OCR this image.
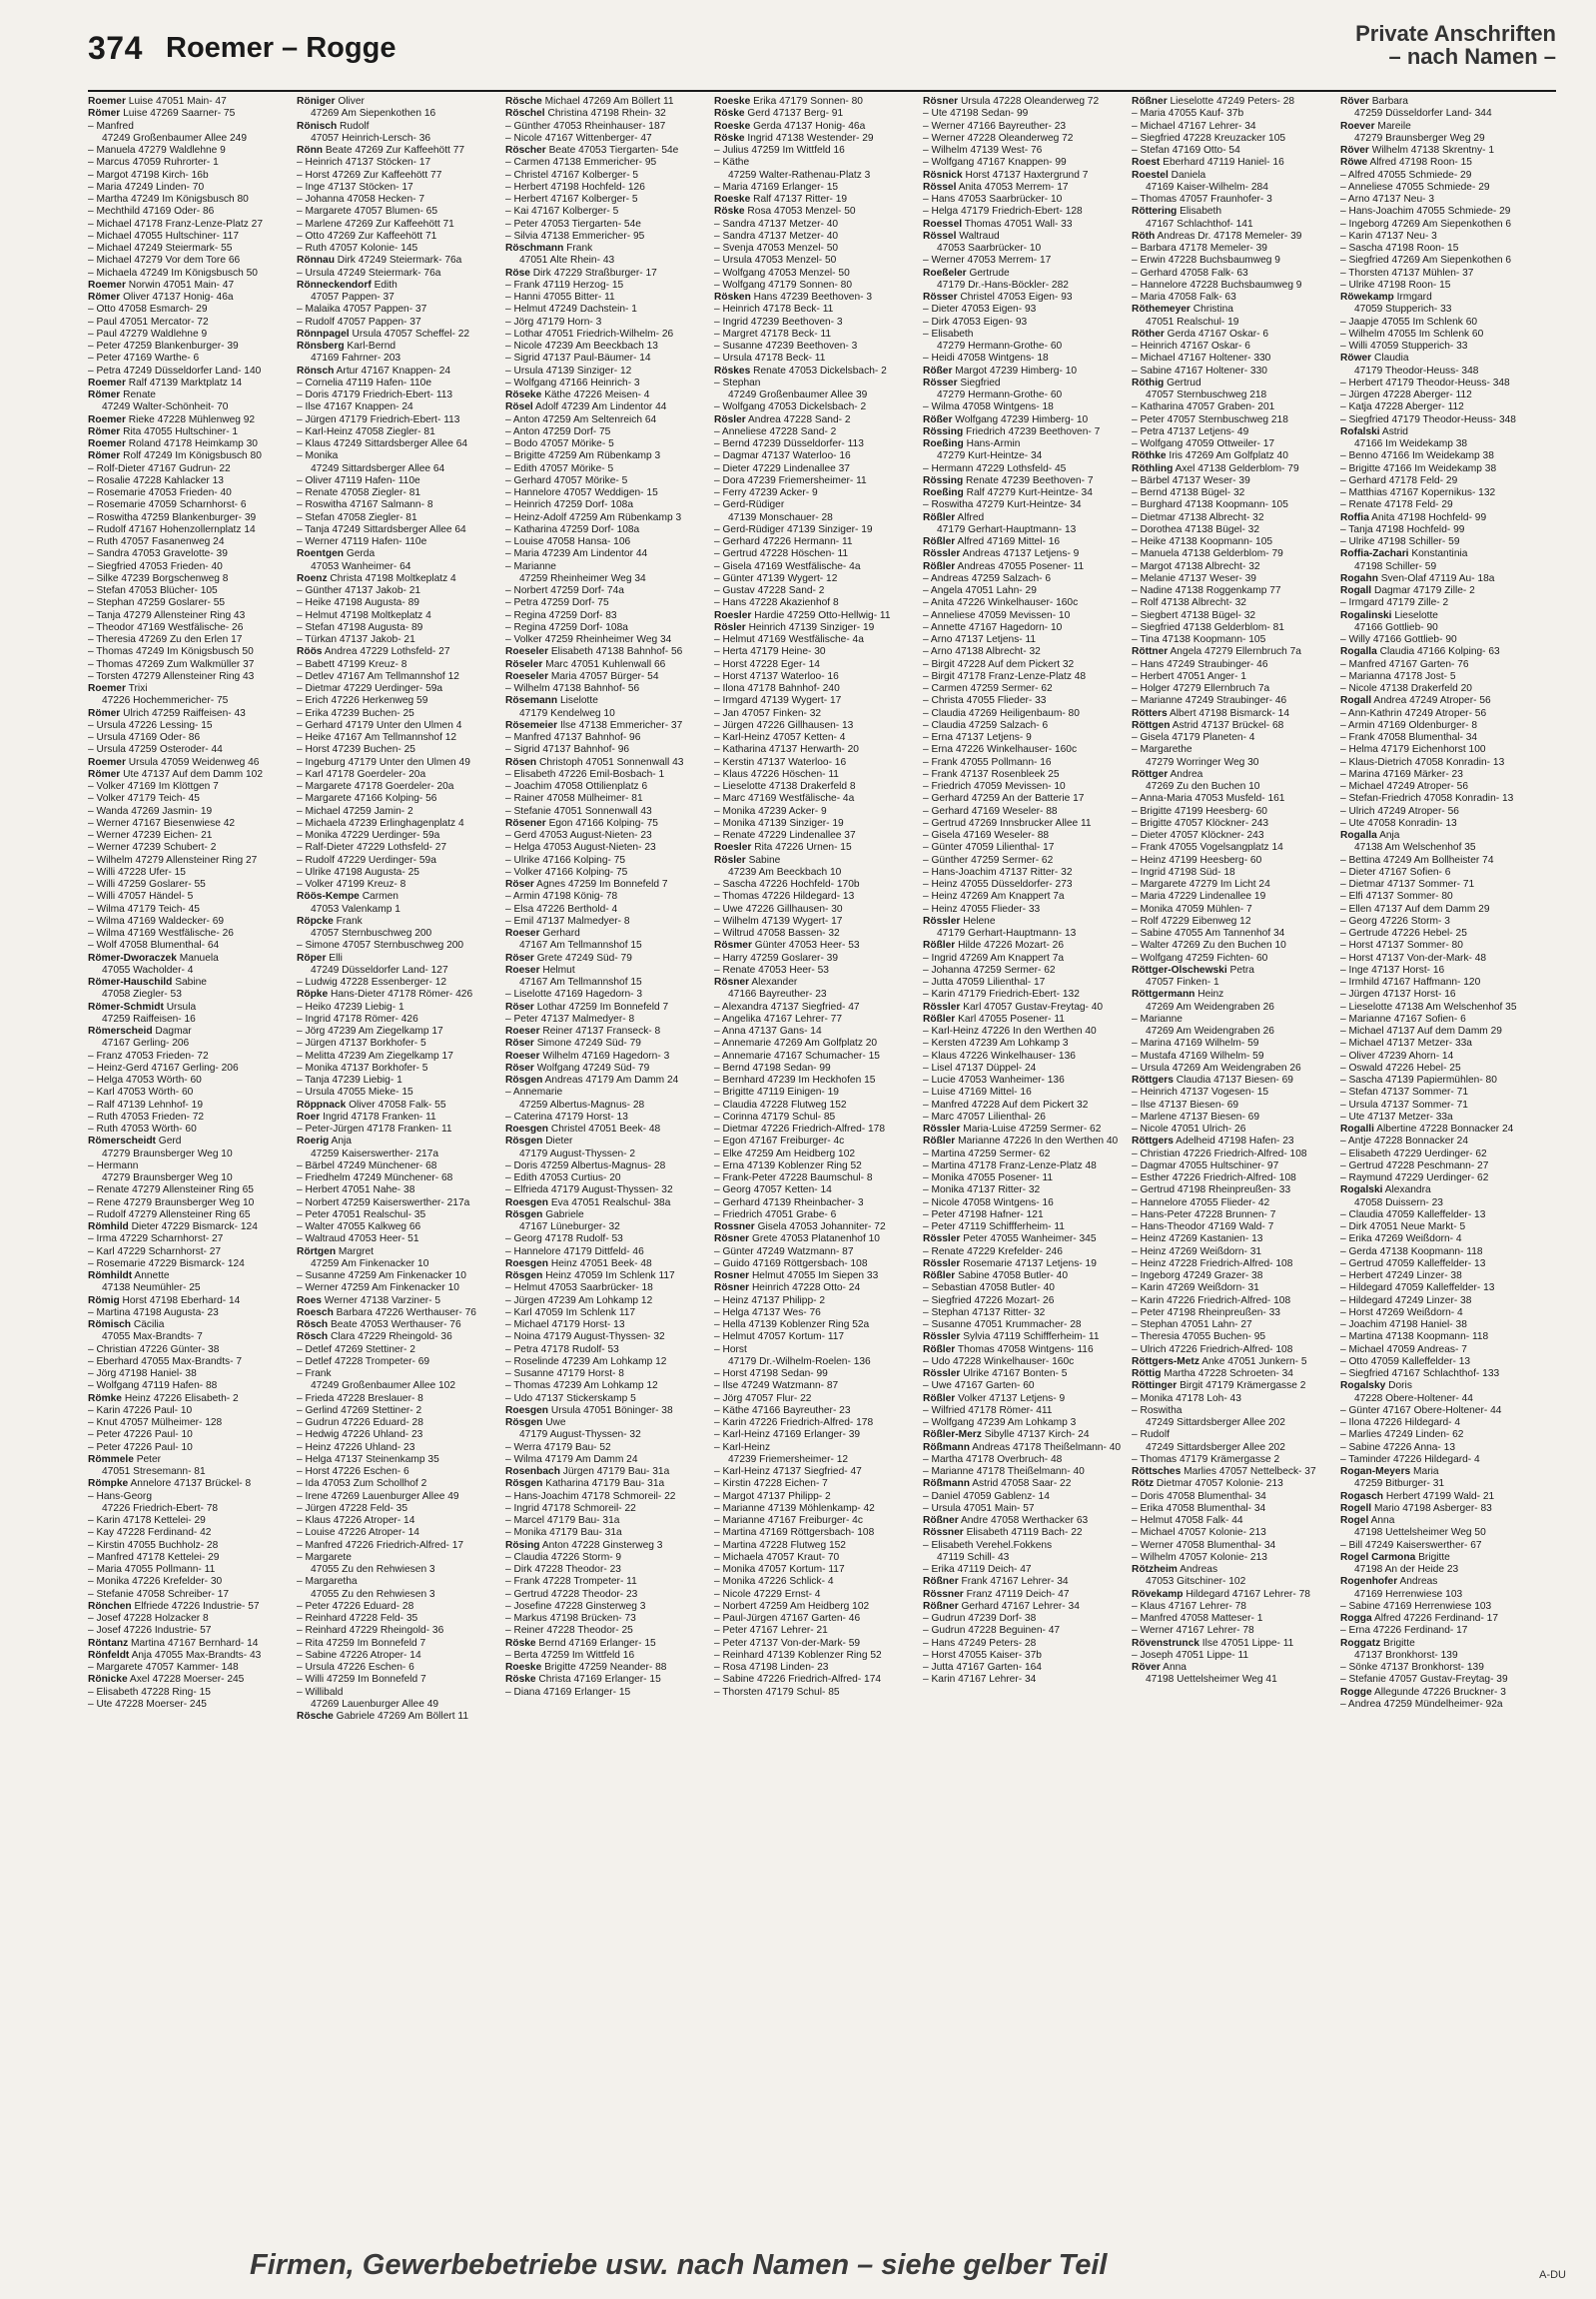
374 Roemer – Rogge	Private Anschriften
– nach Namen –
Roemer Luise 47051 Main- 47
Römer Luise 47269 Saarner- 75
– Manfred
47249 Großenbaumer Allee 249
– Manuela 47279 Waldlehne 9
– Marcus 47059 Ruhrorter- 1
– Margot 47198 Kirch- 16b
– Maria 47249 Linden- 70
– Martha 47249 Im Königsbusch 80
– Mechthild 47169 Oder- 86
– Michael 47178 Franz-Lenze-Platz 27
– Michael 47055 Hultschiner- 117
– Michael 47249 Steiermark- 55
– Michael 47279 Vor dem Tore 66
– Michaela 47249 Im Königsbusch 50
Roemer Norwin 47051 Main- 47
Römer Oliver 47137 Honig- 46a
– Otto 47058 Esmarch- 29
– Paul 47051 Mercator- 72
– Paul 47279 Waldlehne 9
– Peter 47259 Blankenburger- 39
– Peter 47169 Warthe- 6
– Petra 47249 Düsseldorfer Land- 140
Roemer Ralf 47139 Marktplatz 14
Römer Renate
47249 Walter-Schönheit- 70
Roemer Rieke 47228 Mühlenweg 92
Römer Rita 47055 Hultschiner- 1
Roemer Roland 47178 Heimkamp 30
Römer Rolf 47249 Im Königsbusch 80
– Rolf-Dieter 47167 Gudrun- 22
– Rosalie 47228 Kahlacker 13
– Rosemarie 47053 Frieden- 40
– Rosemarie 47059 Scharnhorst- 6
– Roswitha 47259 Blankenburger- 39
– Rudolf 47167 Hohenzollernplatz 14
– Ruth 47057 Fasanenweg 24
– Sandra 47053 Gravelotte- 39
– Siegfried 47053 Frieden- 40
– Silke 47239 Borgschenweg 8
– Stefan 47053 Blücher- 105
– Stephan 47259 Goslarer- 55
– Tanja 47279 Allensteiner Ring 43
– Theodor 47169 Westfälische- 26
– Theresia 47269 Zu den Erlen 17
– Thomas 47249 Im Königsbusch 50
– Thomas 47269 Zum Walkmüller 37
– Torsten 47279 Allensteiner Ring 43
Roemer Trixi
47226 Hochemmericher- 75
Römer Ulrich 47259 Raiffeisen- 43
– Ursula 47226 Lessing- 15
– Ursula 47169 Oder- 86
– Ursula 47259 Osteroder- 44
Roemer Ursula 47059 Weidenweg 46
Römer Ute 47137 Auf dem Damm 102
– Volker 47169 Im Klöttgen 7
– Volker 47179 Teich- 45
– Wanda 47269 Jasmin- 19
– Werner 47167 Biesenwiese 42
– Werner 47239 Eichen- 21
– Werner 47239 Schubert- 2
– Wilhelm 47279 Allensteiner Ring 27
– Willi 47228 Ufer- 15
– Willi 47259 Goslarer- 55
– Willi 47057 Händel- 5
– Wilma 47179 Teich- 45
– Wilma 47169 Waldecker- 69
– Wilma 47169 Westfälische- 26
– Wolf 47058 Blumenthal- 64
Römer-Dworaczek Manuela
47055 Wacholder- 4
Römer-Hauschild Sabine
47058 Ziegler- 53
Römer-Schmidt Ursula
47259 Raiffeisen- 16
Römerscheid Dagmar
47167 Gerling- 206
– Franz 47053 Frieden- 72
– Heinz-Gerd 47167 Gerling- 206
– Helga 47053 Wörth- 60
– Karl 47053 Wörth- 60
– Ralf 47139 Lehnhof- 19
– Ruth 47053 Frieden- 72
– Ruth 47053 Wörth- 60
Römerscheidt Gerd
47279 Braunsberger Weg 10
– Hermann
47279 Braunsberger Weg 10
– Renate 47279 Allensteiner Ring 65
– Rene 47279 Braunsberger Weg 10
– Rudolf 47279 Allensteiner Ring 65
Römhild Dieter 47229 Bismarck- 124
– Irma 47229 Scharnhorst- 27
– Karl 47229 Scharnhorst- 27
– Rosemarie 47229 Bismarck- 124
Römhildt Annette
47138 Neumühler- 25
Römig Horst 47198 Eberhard- 14
– Martina 47198 Augusta- 23
Römisch Cäcilia
47055 Max-Brandts- 7
– Christian 47226 Günter- 38
– Eberhard 47055 Max-Brandts- 7
– Jörg 47198 Haniel- 38
– Wolfgang 47119 Hafen- 88
Römke Heinz 47226 Elisabeth- 2
– Karin 47226 Paul- 10
– Knut 47057 Mülheimer- 128
– Peter 47226 Paul- 10
– Peter 47226 Paul- 10
Römmele Peter
47051 Stresemann- 81
Römpke Annelore 47137 Brückel- 8
– Hans-Georg
47226 Friedrich-Ebert- 78
– Karin 47178 Kettelei- 29
– Kay 47228 Ferdinand- 42
– Kirstin 47055 Buchholz- 28
– Manfred 47178 Kettelei- 29
– Maria 47055 Pollmann- 11
– Monika 47226 Krefelder- 30
– Stefanie 47058 Schreiber- 17
Rönchen Elfriede 47226 Industrie- 57
– Josef 47228 Holzacker 8
– Josef 47226 Industrie- 57
Röntanz Martina 47167 Bernhard- 14
Rönfeldt Anja 47055 Max-Brandts- 43
– Margarete 47057 Kammer- 148
Rönicke Axel 47228 Moerser- 245
– Elisabeth 47228 Ring- 15
– Ute 47228 Moerser- 245
Röniger Oliver
47269 Am Siepenkothen 16
Rönisch Rudolf
47057 Heinrich-Lersch- 36
Rönn Beate 47269 Zur Kaffeehött 77
– Heinrich 47137 Stöcken- 17
– Horst 47269 Zur Kaffeehött 77
– Inge 47137 Stöcken- 17
– Johanna 47058 Hecken- 7
– Margarete 47057 Blumen- 65
– Marlene 47269 Zur Kaffeehött 71
– Otto 47269 Zur Kaffeehött 71
– Ruth 47057 Kolonie- 145
Rönnau Dirk 47249 Steiermark- 76a
– Ursula 47249 Steiermark- 76a
Rönneckendorf Edith
47057 Pappen- 37
– Malaika 47057 Pappen- 37
– Rudolf 47057 Pappen- 37
Rönnpagel Ursula 47057 Scheffel- 22
Rönsberg Karl-Bernd
47169 Fahrner- 203
Rönsch Artur 47167 Knappen- 24
– Cornelia 47119 Hafen- 110e
– Doris 47179 Friedrich-Ebert- 113
– Ilse 47167 Knappen- 24
– Jürgen 47179 Friedrich-Ebert- 113
– Karl-Heinz 47058 Ziegler- 81
– Klaus 47249 Sittardsberger Allee 64
– Monika
47249 Sittardsberger Allee 64
– Oliver 47119 Hafen- 110e
– Renate 47058 Ziegler- 81
– Roswitha 47167 Salmann- 8
– Stefan 47058 Ziegler- 81
– Tanja 47249 Sittardsberger Allee 64
– Werner 47119 Hafen- 110e
Roentgen Gerda
47053 Wanheimer- 64
Roenz Christa 47198 Moltkeplatz 4
– Günther 47137 Jakob- 21
– Heike 47198 Augusta- 89
– Helmut 47198 Moltkeplatz 4
– Stefan 47198 Augusta- 89
– Türkan 47137 Jakob- 21
Röös Andrea 47229 Lothsfeld- 27
– Babett 47199 Kreuz- 8
– Detlev 47167 Am Tellmannshof 12
– Dietmar 47229 Uerdinger- 59a
– Erich 47226 Herkenweg 59
– Erika 47239 Buchen- 25
– Gerhard 47179 Unter den Ulmen 4
– Heike 47167 Am Tellmannshof 12
– Horst 47239 Buchen- 25
– Ingeburg 47179 Unter den Ulmen 49
– Karl 47178 Goerdeler- 20a
– Margarete 47178 Goerdeler- 20a
– Margarete 47166 Kolping- 56
– Michael 47259 Jamin- 2
– Michaela 47239 Erlinghagenplatz 4
– Monika 47229 Uerdinger- 59a
– Ralf-Dieter 47229 Lothsfeld- 27
– Rudolf 47229 Uerdinger- 59a
– Ulrike 47198 Augusta- 25
– Volker 47199 Kreuz- 8
Röös-Kempe Carmen
47053 Valenkamp 1
Röpcke Frank
47057 Sternbuschweg 200
– Simone 47057 Sternbuschweg 200
Röper Elli
47249 Düsseldorfer Land- 127
– Ludwig 47228 Essenberger- 12
Röpke Hans-Dieter 47178 Römer- 426
– Heiko 47239 Liebig- 1
– Ingrid 47178 Römer- 426
– Jörg 47239 Am Ziegelkamp 17
– Jürgen 47137 Borkhofer- 5
– Melitta 47239 Am Ziegelkamp 17
– Monika 47137 Borkhofer- 5
– Tanja 47239 Liebig- 1
– Ursula 47055 Mieke- 15
Röppnack Oliver 47058 Falk- 55
Roer Ingrid 47178 Franken- 11
– Peter-Jürgen 47178 Franken- 11
Roerig Anja
47259 Kaiserswerther- 217a
– Bärbel 47249 Münchener- 68
– Friedhelm 47249 Münchener- 68
– Herbert 47051 Nahe- 38
– Norbert 47259 Kaiserswerther- 217a
– Peter 47051 Realschul- 35
– Walter 47055 Kalkweg 66
– Waltraud 47053 Heer- 51
Rörtgen Margret
47259 Am Finkenacker 10
– Susanne 47259 Am Finkenacker 10
– Werner 47259 Am Finkenacker 10
Roes Werner 47138 Varziner- 5
Roesch Barbara 47226 Werthauser- 76
Rösch Beate 47053 Werthauser- 76
Rösch Clara 47229 Rheingold- 36
– Detlef 47269 Stettiner- 2
– Detlef 47228 Trompeter- 69
– Frank
47249 Großenbaumer Allee 102
– Frieda 47228 Breslauer- 8
– Gerlind 47269 Stettiner- 2
– Gudrun 47226 Eduard- 28
– Hedwig 47226 Uhland- 23
– Heinz 47226 Uhland- 23
– Helga 47137 Steinenkamp 35
– Horst 47226 Eschen- 6
– Ida 47053 Zum Schollhof 2
– Irene 47269 Lauenburger Allee 49
– Jürgen 47228 Feld- 35
– Klaus 47226 Atroper- 14
– Louise 47226 Atroper- 14
– Manfred 47226 Friedrich-Alfred- 17
– Margarete
47055 Zu den Rehwiesen 3
– Margaretha
47055 Zu den Rehwiesen 3
– Peter 47226 Eduard- 28
– Reinhard 47228 Feld- 35
– Reinhard 47229 Rheingold- 36
– Rita 47259 Im Bonnefeld 7
– Sabine 47226 Atroper- 14
– Ursula 47226 Eschen- 6
– Willi 47259 Im Bonnefeld 7
– Willibald
47269 Lauenburger Allee 49
Rösche Gabriele 47269 Am Böllert 11
Rösche Michael 47269 Am Böllert 11
Röschel Christina 47198 Rhein- 32
– Günther 47053 Rheinhauser- 187
– Nicole 47167 Wittenberger- 47
Röscher Beate 47053 Tiergarten- 54e
– Carmen 47138 Emmericher- 95
– Christel 47167 Kolberger- 5
– Herbert 47198 Hochfeld- 126
– Herbert 47167 Kolberger- 5
– Kai 47167 Kolberger- 5
– Peter 47053 Tiergarten- 54e
– Silvia 47138 Emmericher- 95
Röschmann Frank
47051 Alte Rhein- 43
Röse Dirk 47229 Straßburger- 17
– Frank 47119 Herzog- 15
– Hanni 47055 Bitter- 11
– Helmut 47249 Dachstein- 1
– Jörg 47179 Horn- 3
– Lothar 47051 Friedrich-Wilhelm- 26
– Nicole 47239 Am Beeckbach 13
– Sigrid 47137 Paul-Bäumer- 14
– Ursula 47139 Sinziger- 12
– Wolfgang 47166 Heinrich- 3
Röseke Käthe 47226 Meisen- 4
Rösel Adolf 47239 Am Lindentor 44
– Anton 47259 Am Seltenreich 64
– Anton 47259 Dorf- 75
– Bodo 47057 Mörike- 5
– Brigitte 47259 Am Rübenkamp 3
– Edith 47057 Mörike- 5
– Gerhard 47057 Mörike- 5
– Hannelore 47057 Weddigen- 15
– Heinrich 47259 Dorf- 108a
– Heinz-Adolf 47259 Am Rübenkamp 3
– Katharina 47259 Dorf- 108a
– Louise 47058 Hansa- 106
– Maria 47239 Am Lindentor 44
– Marianne
47259 Rheinheimer Weg 34
– Norbert 47259 Dorf- 74a
– Petra 47259 Dorf- 75
– Regina 47259 Dorf- 83
– Regina 47259 Dorf- 108a
– Volker 47259 Rheinheimer Weg 34
Roeseler Elisabeth 47138 Bahnhof- 56
Röseler Marc 47051 Kuhlenwall 66
Roeseler Maria 47057 Bürger- 54
– Wilhelm 47138 Bahnhof- 56
Rösemann Liselotte
47179 Kendelweg 10
Rösemeier Ilse 47138 Emmericher- 37
– Manfred 47137 Bahnhof- 96
– Sigrid 47137 Bahnhof- 96
Rösen Christoph 47051 Sonnenwall 43
– Elisabeth 47226 Emil-Bosbach- 1
– Joachim 47058 Ottilienplatz 6
– Rainer 47058 Mülheimer- 81
– Stefanie 47051 Sonnenwall 43
Rösener Egon 47166 Kolping- 75
– Gerd 47053 August-Nieten- 23
– Helga 47053 August-Nieten- 23
– Ulrike 47166 Kolping- 75
– Volker 47166 Kolping- 75
Röser Agnes 47259 Im Bonnefeld 7
– Armin 47198 König- 78
– Elsa 47226 Berthold- 4
– Emil 47137 Malmedyer- 8
Roeser Gerhard
47167 Am Tellmannshof 15
Röser Grete 47249 Süd- 79
Roeser Helmut
47167 Am Tellmannshof 15
– Liselotte 47169 Hagedorn- 3
Röser Lothar 47259 Im Bonnefeld 7
– Peter 47137 Malmedyer- 8
Roeser Reiner 47137 Franseck- 8
Röser Simone 47249 Süd- 79
Roeser Wilhelm 47169 Hagedorn- 3
Röser Wolfgang 47249 Süd- 79
Rösgen Andreas 47179 Am Damm 24
– Annemarie
47259 Albertus-Magnus- 28
– Caterina 47179 Horst- 13
Roesgen Christel 47051 Beek- 48
Rösgen Dieter
47179 August-Thyssen- 2
– Doris 47259 Albertus-Magnus- 28
– Edith 47053 Curtius- 20
– Elfrieda 47179 August-Thyssen- 32
Roesgen Eva 47051 Realschul- 38a
Rösgen Gabriele
47167 Lüneburger- 32
– Georg 47178 Rudolf- 53
– Hannelore 47179 Dittfeld- 46
Roesgen Heinz 47051 Beek- 48
Rösgen Heinz 47059 Im Schlenk 117
– Helmut 47053 Saarbrücker- 18
– Jürgen 47239 Am Lohkamp 12
– Karl 47059 Im Schlenk 117
– Michael 47179 Horst- 13
– Noina 47179 August-Thyssen- 32
– Petra 47178 Rudolf- 53
– Roselinde 47239 Am Lohkamp 12
– Susanne 47179 Horst- 8
– Thomas 47239 Am Lohkamp 12
– Udo 47137 Stickerskamp 5
Roesgen Ursula 47051 Böninger- 38
Rösgen Uwe
47179 August-Thyssen- 32
– Werra 47179 Bau- 52
– Wilma 47179 Am Damm 24
Rosenbach Jürgen 47179 Bau- 31a
Rösgen Katharina 47179 Bau- 31a
– Hans-Joachim 47178 Schmoreil- 22
– Ingrid 47178 Schmoreil- 22
– Marcel 47179 Bau- 31a
– Monika 47179 Bau- 31a
Rösing Anton 47228 Ginsterweg 3
– Claudia 47226 Storm- 9
– Dirk 47228 Theodor- 23
– Frank 47228 Trompeter- 11
– Gertrud 47228 Theodor- 23
– Josefine 47228 Ginsterweg 3
– Markus 47198 Brücken- 73
– Reiner 47228 Theodor- 25
Röske Bernd 47169 Erlanger- 15
– Berta 47259 Im Wittfeld 16
Roeske Brigitte 47259 Neander- 88
Röske Christa 47169 Erlanger- 15
– Diana 47169 Erlanger- 15
Roeske Erika 47179 Sonnen- 80
Röske Gerd 47137 Berg- 91
Roeske Gerda 47137 Honig- 46a
Röske Ingrid 47138 Westender- 29
– Julius 47259 Im Wittfeld 16
– Käthe
47259 Walter-Rathenau-Platz 3
– Maria 47169 Erlanger- 15
Roeske Ralf 47137 Ritter- 19
Röske Rosa 47053 Menzel- 50
– Sandra 47137 Metzer- 40
– Sandra 47137 Metzer- 40
– Svenja 47053 Menzel- 50
– Ursula 47053 Menzel- 50
– Wolfgang 47053 Menzel- 50
– Wolfgang 47179 Sonnen- 80
Rösken Hans 47239 Beethoven- 3
– Heinrich 47178 Beck- 11
– Ingrid 47239 Beethoven- 3
– Margret 47178 Beck- 11
– Susanne 47239 Beethoven- 3
– Ursula 47178 Beck- 11
Röskes Renate 47053 Dickelsbach- 2
– Stephan
47249 Großenbaumer Allee 39
– Wolfgang 47053 Dickelsbach- 2
Rösler Andrea 47228 Sand- 2
– Anneliese 47228 Sand- 2
– Bernd 47239 Düsseldorfer- 113
– Dagmar 47137 Waterloo- 16
– Dieter 47229 Lindenallee 37
– Dora 47239 Friemersheimer- 11
– Ferry 47239 Acker- 9
– Gerd-Rüdiger
47139 Monschauer- 28
– Gerd-Rüdiger 47139 Sinziger- 19
– Gerhard 47226 Hermann- 11
– Gertrud 47228 Höschen- 11
– Gisela 47169 Westfälische- 4a
– Günter 47139 Wygert- 12
– Gustav 47228 Sand- 2
– Hans 47228 Akazienhof 8
Roesler Hardie 47259 Otto-Hellwig- 11
Rösler Heinrich 47139 Sinziger- 19
– Helmut 47169 Westfälische- 4a
– Herta 47179 Heine- 30
– Horst 47228 Eger- 14
– Horst 47137 Waterloo- 16
– Ilona 47178 Bahnhof- 240
– Irmgard 47139 Wygert- 17
– Jan 47057 Finken- 32
– Jürgen 47226 Gillhausen- 13
– Karl-Heinz 47057 Ketten- 4
– Katharina 47137 Herwarth- 20
– Kerstin 47137 Waterloo- 16
– Klaus 47226 Höschen- 11
– Lieselotte 47138 Drakerfeld 8
– Marc 47169 Westfälische- 4a
– Monika 47239 Acker- 9
– Monika 47139 Sinziger- 19
– Renate 47229 Lindenallee 37
Roesler Rita 47226 Urnen- 15
Rösler Sabine
47239 Am Beeckbach 10
– Sascha 47226 Hochfeld- 170b
– Thomas 47226 Hildegard- 13
– Uwe 47226 Gillhausen- 30
– Wilhelm 47139 Wygert- 17
– Wiltrud 47058 Bassen- 32
Rösmer Günter 47053 Heer- 53
– Harry 47259 Goslarer- 39
– Renate 47053 Heer- 53
Rösner Alexander
47166 Bayreuther- 23
– Alexandra 47137 Siegfried- 47
– Angelika 47167 Lehrer- 77
– Anna 47137 Gans- 14
– Annemarie 47269 Am Golfplatz 20
– Annemarie 47167 Schumacher- 15
– Bernd 47198 Sedan- 99
– Bernhard 47239 Im Heckhofen 15
– Brigitte 47119 Einigen- 19
– Claudia 47228 Flutweg 152
– Corinna 47179 Schul- 85
– Dietmar 47226 Friedrich-Alfred- 178
– Egon 47167 Freiburger- 4c
– Elke 47259 Am Heidberg 102
– Erna 47139 Koblenzer Ring 52
– Frank-Peter 47228 Baumschul- 8
– Georg 47057 Ketten- 14
– Gerhard 47139 Rheinbacher- 3
– Friedrich 47051 Grabe- 6
Rossner Gisela 47053 Johanniter- 72
Rösner Grete 47053 Platanenhof 10
– Günter 47249 Watzmann- 87
– Guido 47169 Röttgersbach- 108
Rosner Helmut 47055 Im Siepen 33
Rösner Heinrich 47228 Otto- 24
– Heinz 47137 Philipp- 2
– Helga 47137 Wes- 76
– Hella 47139 Koblenzer Ring 52a
– Helmut 47057 Kortum- 117
– Horst
47179 Dr.-Wilhelm-Roelen- 136
– Horst 47198 Sedan- 99
– Ilse 47249 Watzmann- 87
– Jörg 47057 Flur- 22
– Käthe 47166 Bayreuther- 23
– Karin 47226 Friedrich-Alfred- 178
– Karl-Heinz 47169 Erlanger- 39
– Karl-Heinz
47239 Friemersheimer- 12
– Karl-Heinz 47137 Siegfried- 47
– Kirstin 47228 Eichen- 7
– Margot 47137 Philipp- 2
– Marianne 47139 Möhlenkamp- 42
– Marianne 47167 Freiburger- 4c
– Martina 47169 Röttgersbach- 108
– Martina 47228 Flutweg 152
– Michaela 47057 Kraut- 70
– Monika 47057 Kortum- 117
– Monika 47226 Schlick- 4
– Nicole 47229 Ernst- 4
– Norbert 47259 Am Heidberg 102
– Paul-Jürgen 47167 Garten- 46
– Peter 47167 Lehrer- 21
– Peter 47137 Von-der-Mark- 59
– Reinhard 47139 Koblenzer Ring 52
– Rosa 47198 Linden- 23
– Sabine 47226 Friedrich-Alfred- 174
– Thorsten 47179 Schul- 85
Rösner Ursula 47228 Oleanderweg 72
– Ute 47198 Sedan- 99
– Werner 47166 Bayreuther- 23
– Werner 47228 Oleanderweg 72
– Wilhelm 47139 West- 76
– Wolfgang 47167 Knappen- 99
Rösnick Horst 47137 Haxtergrund 7
Rössel Anita 47053 Merrem- 17
– Hans 47053 Saarbrücker- 10
– Helga 47179 Friedrich-Ebert- 128
Roessel Thomas 47051 Wall- 33
Rössel Waltraud
47053 Saarbrücker- 10
– Werner 47053 Merrem- 17
Roeßeler Gertrude
47179 Dr.-Hans-Böckler- 282
Rösser Christel 47053 Eigen- 93
– Dieter 47053 Eigen- 93
– Dirk 47053 Eigen- 93
– Elisabeth
47279 Hermann-Grothe- 60
– Heidi 47058 Wintgens- 18
Rößer Margot 47239 Himberg- 10
Rösser Siegfried
47279 Hermann-Grothe- 60
– Wilma 47058 Wintgens- 18
Rößer Wolfgang 47239 Himberg- 10
Rössing Friedrich 47239 Beethoven- 7
Roeßing Hans-Armin
47279 Kurt-Heintze- 34
– Hermann 47229 Lothsfeld- 45
Rössing Renate 47239 Beethoven- 7
Roeßing Ralf 47279 Kurt-Heintze- 34
– Roswitha 47279 Kurt-Heintze- 34
Rößler Alfred
47179 Gerhart-Hauptmann- 13
Rößler Alfred 47169 Mittel- 16
Rössler Andreas 47137 Letjens- 9
Rößler Andreas 47055 Posener- 11
– Andreas 47259 Salzach- 6
– Angela 47051 Lahn- 29
– Anita 47226 Winkelhauser- 160c
– Anneliese 47059 Mevissen- 10
– Annette 47167 Hagedorn- 10
– Arno 47137 Letjens- 11
– Arno 47138 Albrecht- 32
– Birgit 47228 Auf dem Pickert 32
– Birgit 47178 Franz-Lenze-Platz 48
– Carmen 47259 Sermer- 62
– Christa 47055 Flieder- 33
– Claudia 47269 Heiligenbaum- 80
– Claudia 47259 Salzach- 6
– Erna 47137 Letjens- 9
– Erna 47226 Winkelhauser- 160c
– Frank 47055 Pollmann- 16
– Frank 47137 Rosenbleek 25
– Friedrich 47059 Mevissen- 10
– Gerhard 47259 An der Batterie 17
– Gerhard 47169 Weseler- 88
– Gertrud 47269 Innsbrucker Allee 11
– Gisela 47169 Weseler- 88
– Günter 47059 Lilienthal- 17
– Günther 47259 Sermer- 62
– Hans-Joachim 47137 Ritter- 32
– Heinz 47055 Düsseldorfer- 273
– Heinz 47269 Am Knappert 7a
– Heinz 47055 Flieder- 33
Rössler Helene
47179 Gerhart-Hauptmann- 13
Rößler Hilde 47226 Mozart- 26
– Ingrid 47269 Am Knappert 7a
– Johanna 47259 Sermer- 62
– Jutta 47059 Lilienthal- 17
– Karin 47179 Friedrich-Ebert- 132
Rössler Karl 47057 Gustav-Freytag- 40
Rößler Karl 47055 Posener- 11
– Karl-Heinz 47226 In den Werthen 40
– Kersten 47239 Am Lohkamp 3
– Klaus 47226 Winkelhauser- 136
– Lisel 47137 Düppel- 24
– Lucie 47053 Wanheimer- 136
– Luise 47169 Mittel- 16
– Manfred 47228 Auf dem Pickert 32
– Marc 47057 Lilienthal- 26
Rössler Maria-Luise 47259 Sermer- 62
Rößler Marianne 47226 In den Werthen 40
– Martina 47259 Sermer- 62
– Martina 47178 Franz-Lenze-Platz 48
– Monika 47055 Posener- 11
– Monika 47137 Ritter- 32
– Nicole 47058 Wintgens- 16
– Peter 47198 Hafner- 121
– Peter 47119 Schiffferheim- 11
Rössler Peter 47055 Wanheimer- 345
– Renate 47229 Krefelder- 246
Rössler Rosemarie 47137 Letjens- 19
Rößler Sabine 47058 Butler- 40
– Sebastian 47058 Butler- 40
– Siegfried 47226 Mozart- 26
– Stephan 47137 Ritter- 32
– Susanne 47051 Krummacher- 28
Rössler Sylvia 47119 Schiffferheim- 11
Rößler Thomas 47058 Wintgens- 116
– Udo 47228 Winkelhauser- 160c
Rössler Ulrike 47167 Bonten- 5
– Uwe 47167 Garten- 60
Rößler Volker 47137 Letjens- 9
– Wilfried 47178 Römer- 411
– Wolfgang 47239 Am Lohkamp 3
Rößler-Merz Sibylle 47137 Kirch- 24
Rößmann Andreas 47178 Theißelmann- 40
– Martha 47178 Overbruch- 48
– Marianne 47178 Theißelmann- 40
Rößmann Astrid 47058 Saar- 22
– Daniel 47059 Gablenz- 14
– Ursula 47051 Main- 57
Rößner Andre 47058 Werthacker 63
Rössner Elisabeth 47119 Bach- 22
– Elisabeth Verehel.Fokkens
47119 Schill- 43
– Erika 47119 Deich- 47
Rößner Frank 47167 Lehrer- 34
Rössner Franz 47119 Deich- 47
Rößner Gerhard 47167 Lehrer- 34
– Gudrun 47239 Dorf- 38
– Gudrun 47228 Beguinen- 47
– Hans 47249 Peters- 28
– Horst 47055 Kaiser- 37b
– Jutta 47167 Garten- 164
– Karin 47167 Lehrer- 34
Rößner Lieselotte 47249 Peters- 28
– Maria 47055 Kauf- 37b
– Michael 47167 Lehrer- 34
– Siegfried 47228 Kreuzacker 105
– Stefan 47169 Otto- 54
Roest Eberhard 47119 Haniel- 16
Roestel Daniela
47169 Kaiser-Wilhelm- 284
– Thomas 47057 Fraunhofer- 3
Röttering Elisabeth
47167 Schlachthof- 141
Röth Andreas Dr. 47178 Memeler- 39
– Barbara 47178 Memeler- 39
– Erwin 47228 Buchsbaumweg 9
– Gerhard 47058 Falk- 63
– Hannelore 47228 Buchsbaumweg 9
– Maria 47058 Falk- 63
Röthemeyer Christina
47051 Realschul- 19
Röther Gerda 47167 Oskar- 6
– Heinrich 47167 Oskar- 6
– Michael 47167 Holtener- 330
– Sabine 47167 Holtener- 330
Röthig Gertrud
47057 Sternbuschweg 218
– Katharina 47057 Graben- 201
– Peter 47057 Sternbuschweg 218
– Petra 47137 Letjens- 49
– Wolfgang 47059 Ottweiler- 17
Röthke Iris 47269 Am Golfplatz 40
Röthling Axel 47138 Gelderblom- 79
– Bärbel 47137 Weser- 39
– Bernd 47138 Bügel- 32
– Burghard 47138 Koopmann- 105
– Dietmar 47138 Albrecht- 32
– Dorothea 47138 Bügel- 32
– Heike 47138 Koopmann- 105
– Manuela 47138 Gelderblom- 79
– Margot 47138 Albrecht- 32
– Melanie 47137 Weser- 39
– Nadine 47138 Roggenkamp 77
– Rolf 47138 Albrecht- 32
– Siegbert 47138 Bügel- 32
– Siegfried 47138 Gelderblom- 81
– Tina 47138 Koopmann- 105
Röttner Angela 47279 Ellernbruch 7a
– Hans 47249 Straubinger- 46
– Herbert 47051 Anger- 1
– Holger 47279 Ellernbruch 7a
– Marianne 47249 Straubinger- 46
Rötters Albert 47198 Bismarck- 14
Röttgen Astrid 47137 Brückel- 68
– Gisela 47179 Planeten- 4
– Margarethe
47279 Worringer Weg 30
Röttger Andrea
47269 Zu den Buchen 10
– Anna-Maria 47053 Musfeld- 161
– Brigitte 47199 Heesberg- 60
– Brigitte 47057 Klöckner- 243
– Dieter 47057 Klöckner- 243
– Frank 47055 Vogelsangplatz 14
– Heinz 47199 Heesberg- 60
– Ingrid 47198 Süd- 18
– Margarete 47279 Im Licht 24
– Maria 47229 Lindenallee 19
– Monika 47059 Mühlen- 7
– Rolf 47229 Eibenweg 12
– Sabine 47055 Am Tannenhof 34
– Walter 47269 Zu den Buchen 10
– Wolfgang 47259 Fichten- 60
Röttger-Olschewski Petra
47057 Finken- 1
Röttgermann Heinz
47269 Am Weidengraben 26
– Marianne
47269 Am Weidengraben 26
– Marina 47169 Wilhelm- 59
– Mustafa 47169 Wilhelm- 59
– Ursula 47269 Am Weidengraben 26
Röttgers Claudia 47137 Biesen- 69
– Heinrich 47137 Vogesen- 15
– Ilse 47137 Biesen- 69
– Marlene 47137 Biesen- 69
– Nicole 47051 Ulrich- 26
Röttgers Adelheid 47198 Hafen- 23
– Christian 47226 Friedrich-Alfred- 108
– Dagmar 47055 Hultschiner- 97
– Esther 47226 Friedrich-Alfred- 108
– Gertrud 47198 Rheinpreußen- 33
– Hannelore 47055 Flieder- 42
– Hans-Peter 47228 Brunnen- 7
– Hans-Theodor 47169 Wald- 7
– Heinz 47269 Kastanien- 13
– Heinz 47269 Weißdorn- 31
– Heinz 47228 Friedrich-Alfred- 108
– Ingeborg 47249 Grazer- 38
– Karin 47269 Weißdorn- 31
– Karin 47226 Friedrich-Alfred- 108
– Peter 47198 Rheinpreußen- 33
– Stephan 47051 Lahn- 27
– Theresia 47055 Buchen- 95
– Ulrich 47226 Friedrich-Alfred- 108
Röttgers-Metz Anke 47051 Junkern- 5
Röttig Martha 47228 Schroeten- 34
Röttinger Birgit 47179 Krämergasse 2
– Monika 47178 Loh- 43
– Roswitha
47249 Sittardsberger Allee 202
– Rudolf
47249 Sittardsberger Allee 202
– Thomas 47179 Krämergasse 2
Röttsches Marlies 47057 Nettelbeck- 37
Rötz Dietmar 47057 Kolonie- 213
– Doris 47058 Blumenthal- 34
– Erika 47058 Blumenthal- 34
– Helmut 47058 Falk- 44
– Michael 47057 Kolonie- 213
– Werner 47058 Blumenthal- 34
– Wilhelm 47057 Kolonie- 213
Rötzheim Andreas
47053 Gitschiner- 102
Rövekamp Hildegard 47167 Lehrer- 78
– Klaus 47167 Lehrer- 78
– Manfred 47058 Matteser- 1
– Werner 47167 Lehrer- 78
Rövenstrunck Ilse 47051 Lippe- 11
– Joseph 47051 Lippe- 11
Röver Anna
47198 Uettelsheimer Weg 41
Röver Barbara
47259 Düsseldorfer Land- 344
Roever Mareile
47279 Braunsberger Weg 29
Röver Wilhelm 47138 Skrentny- 1
Röwe Alfred 47198 Roon- 15
– Alfred 47055 Schmiede- 29
– Anneliese 47055 Schmiede- 29
– Arno 47137 Neu- 3
– Hans-Joachim 47055 Schmiede- 29
– Ingeborg 47269 Am Siepenkothen 6
– Karin 47137 Neu- 3
– Sascha 47198 Roon- 15
– Siegfried 47269 Am Siepenkothen 6
– Thorsten 47137 Mühlen- 37
– Ulrike 47198 Roon- 15
Röwekamp Irmgard
47059 Stupperich- 33
– Jaapje 47055 Im Schlenk 60
– Wilhelm 47055 Im Schlenk 60
– Willi 47059 Stupperich- 33
Röwer Claudia
47179 Theodor-Heuss- 348
– Herbert 47179 Theodor-Heuss- 348
– Jürgen 47228 Aberger- 112
– Katja 47228 Aberger- 112
– Siegfried 47179 Theodor-Heuss- 348
Rofalski Astrid
47166 Im Weidekamp 38
– Benno 47166 Im Weidekamp 38
– Brigitte 47166 Im Weidekamp 38
– Gerhard 47178 Feld- 29
– Matthias 47167 Kopernikus- 132
– Renate 47178 Feld- 29
Roffia Anita 47198 Hochfeld- 99
– Tanja 47198 Hochfeld- 99
– Ulrike 47198 Schiller- 59
Roffia-Zachari Konstantinia
47198 Schiller- 59
Rogahn Sven-Olaf 47119 Au- 18a
Rogall Dagmar 47179 Zille- 2
– Irmgard 47179 Zille- 2
Rogalinski Lieselotte
47166 Gottlieb- 90
– Willy 47166 Gottlieb- 90
Rogalla Claudia 47166 Kolping- 63
– Manfred 47167 Garten- 76
– Marianna 47178 Jost- 5
– Nicole 47138 Drakerfeld 20
Rogall Andrea 47249 Atroper- 56
– Ann-Kathrin 47249 Atroper- 56
– Armin 47169 Oldenburger- 8
– Frank 47058 Blumenthal- 34
– Helma 47179 Eichenhorst 100
– Klaus-Dietrich 47058 Konradin- 13
– Marina 47169 Märker- 23
– Michael 47249 Atroper- 56
– Stefan-Friedrich 47058 Konradin- 13
– Ulrich 47249 Atroper- 56
– Ute 47058 Konradin- 13
Rogalla Anja
47138 Am Welschenhof 35
– Bettina 47249 Am Bollheister 74
– Dieter 47167 Sofien- 6
– Dietmar 47137 Sommer- 71
– Elfi 47137 Sommer- 80
– Ellen 47137 Auf dem Damm 29
– Georg 47226 Storm- 3
– Gertrude 47226 Hebel- 25
– Horst 47137 Sommer- 80
– Horst 47137 Von-der-Mark- 48
– Inge 47137 Horst- 16
– Irmhild 47167 Haffmann- 120
– Jürgen 47137 Horst- 16
– Lieselotte 47138 Am Welschenhof 35
– Marianne 47167 Sofien- 6
– Michael 47137 Auf dem Damm 29
– Michael 47137 Metzer- 33a
– Oliver 47239 Ahorn- 14
– Oswald 47226 Hebel- 25
– Sascha 47139 Papiermühlen- 80
– Stefan 47137 Sommer- 71
– Ursula 47137 Sommer- 71
– Ute 47137 Metzer- 33a
Rogalli Albertine 47228 Bonnacker 24
– Antje 47228 Bonnacker 24
– Elisabeth 47229 Uerdinger- 62
– Gertrud 47228 Peschmann- 27
– Raymund 47229 Uerdinger- 62
Rogalski Alexandra
47058 Duissern- 23
– Claudia 47059 Kalleffelder- 13
– Dirk 47051 Neue Markt- 5
– Erika 47269 Weißdorn- 4
– Gerda 47138 Koopmann- 118
– Gertrud 47059 Kalleffelder- 13
– Herbert 47249 Linzer- 38
– Hildegard 47059 Kalleffelder- 13
– Hildegard 47249 Linzer- 38
– Horst 47269 Weißdorn- 4
– Joachim 47198 Haniel- 38
– Martina 47138 Koopmann- 118
– Michael 47059 Andreas- 7
– Otto 47059 Kalleffelder- 13
– Siegfried 47167 Schlachthof- 133
Rogalsky Doris
47228 Obere-Holtener- 44
– Günter 47167 Obere-Holtener- 44
– Ilona 47226 Hildegard- 4
– Marlies 47249 Linden- 62
– Sabine 47226 Anna- 13
– Taminder 47226 Hildegard- 4
Rogan-Meyers Maria
47259 Bitburger- 31
Rogasch Herbert 47199 Wald- 21
Rogell Mario 47198 Asberger- 83
Rogel Anna
47198 Uettelsheimer Weg 50
– Bill 47249 Kaiserswerther- 67
Rogel Carmona Brigitte
47198 An der Heide 23
Rogenhofer Andreas
47169 Herrenwiese 103
– Sabine 47169 Herrenwiese 103
Rogga Alfred 47226 Ferdinand- 17
– Erna 47226 Ferdinand- 17
Roggatz Brigitte
47137 Bronkhorst- 139
– Sönke 47137 Bronkhorst- 139
– Stefanie 47057 Gustav-Freytag- 39
Rogge Allegunde 47226 Bruckner- 3
– Andrea 47259 Mündelheimer- 92a
Firmen, Gewerbebetriebe usw. nach Namen – siehe gelber Teil	A-DU
